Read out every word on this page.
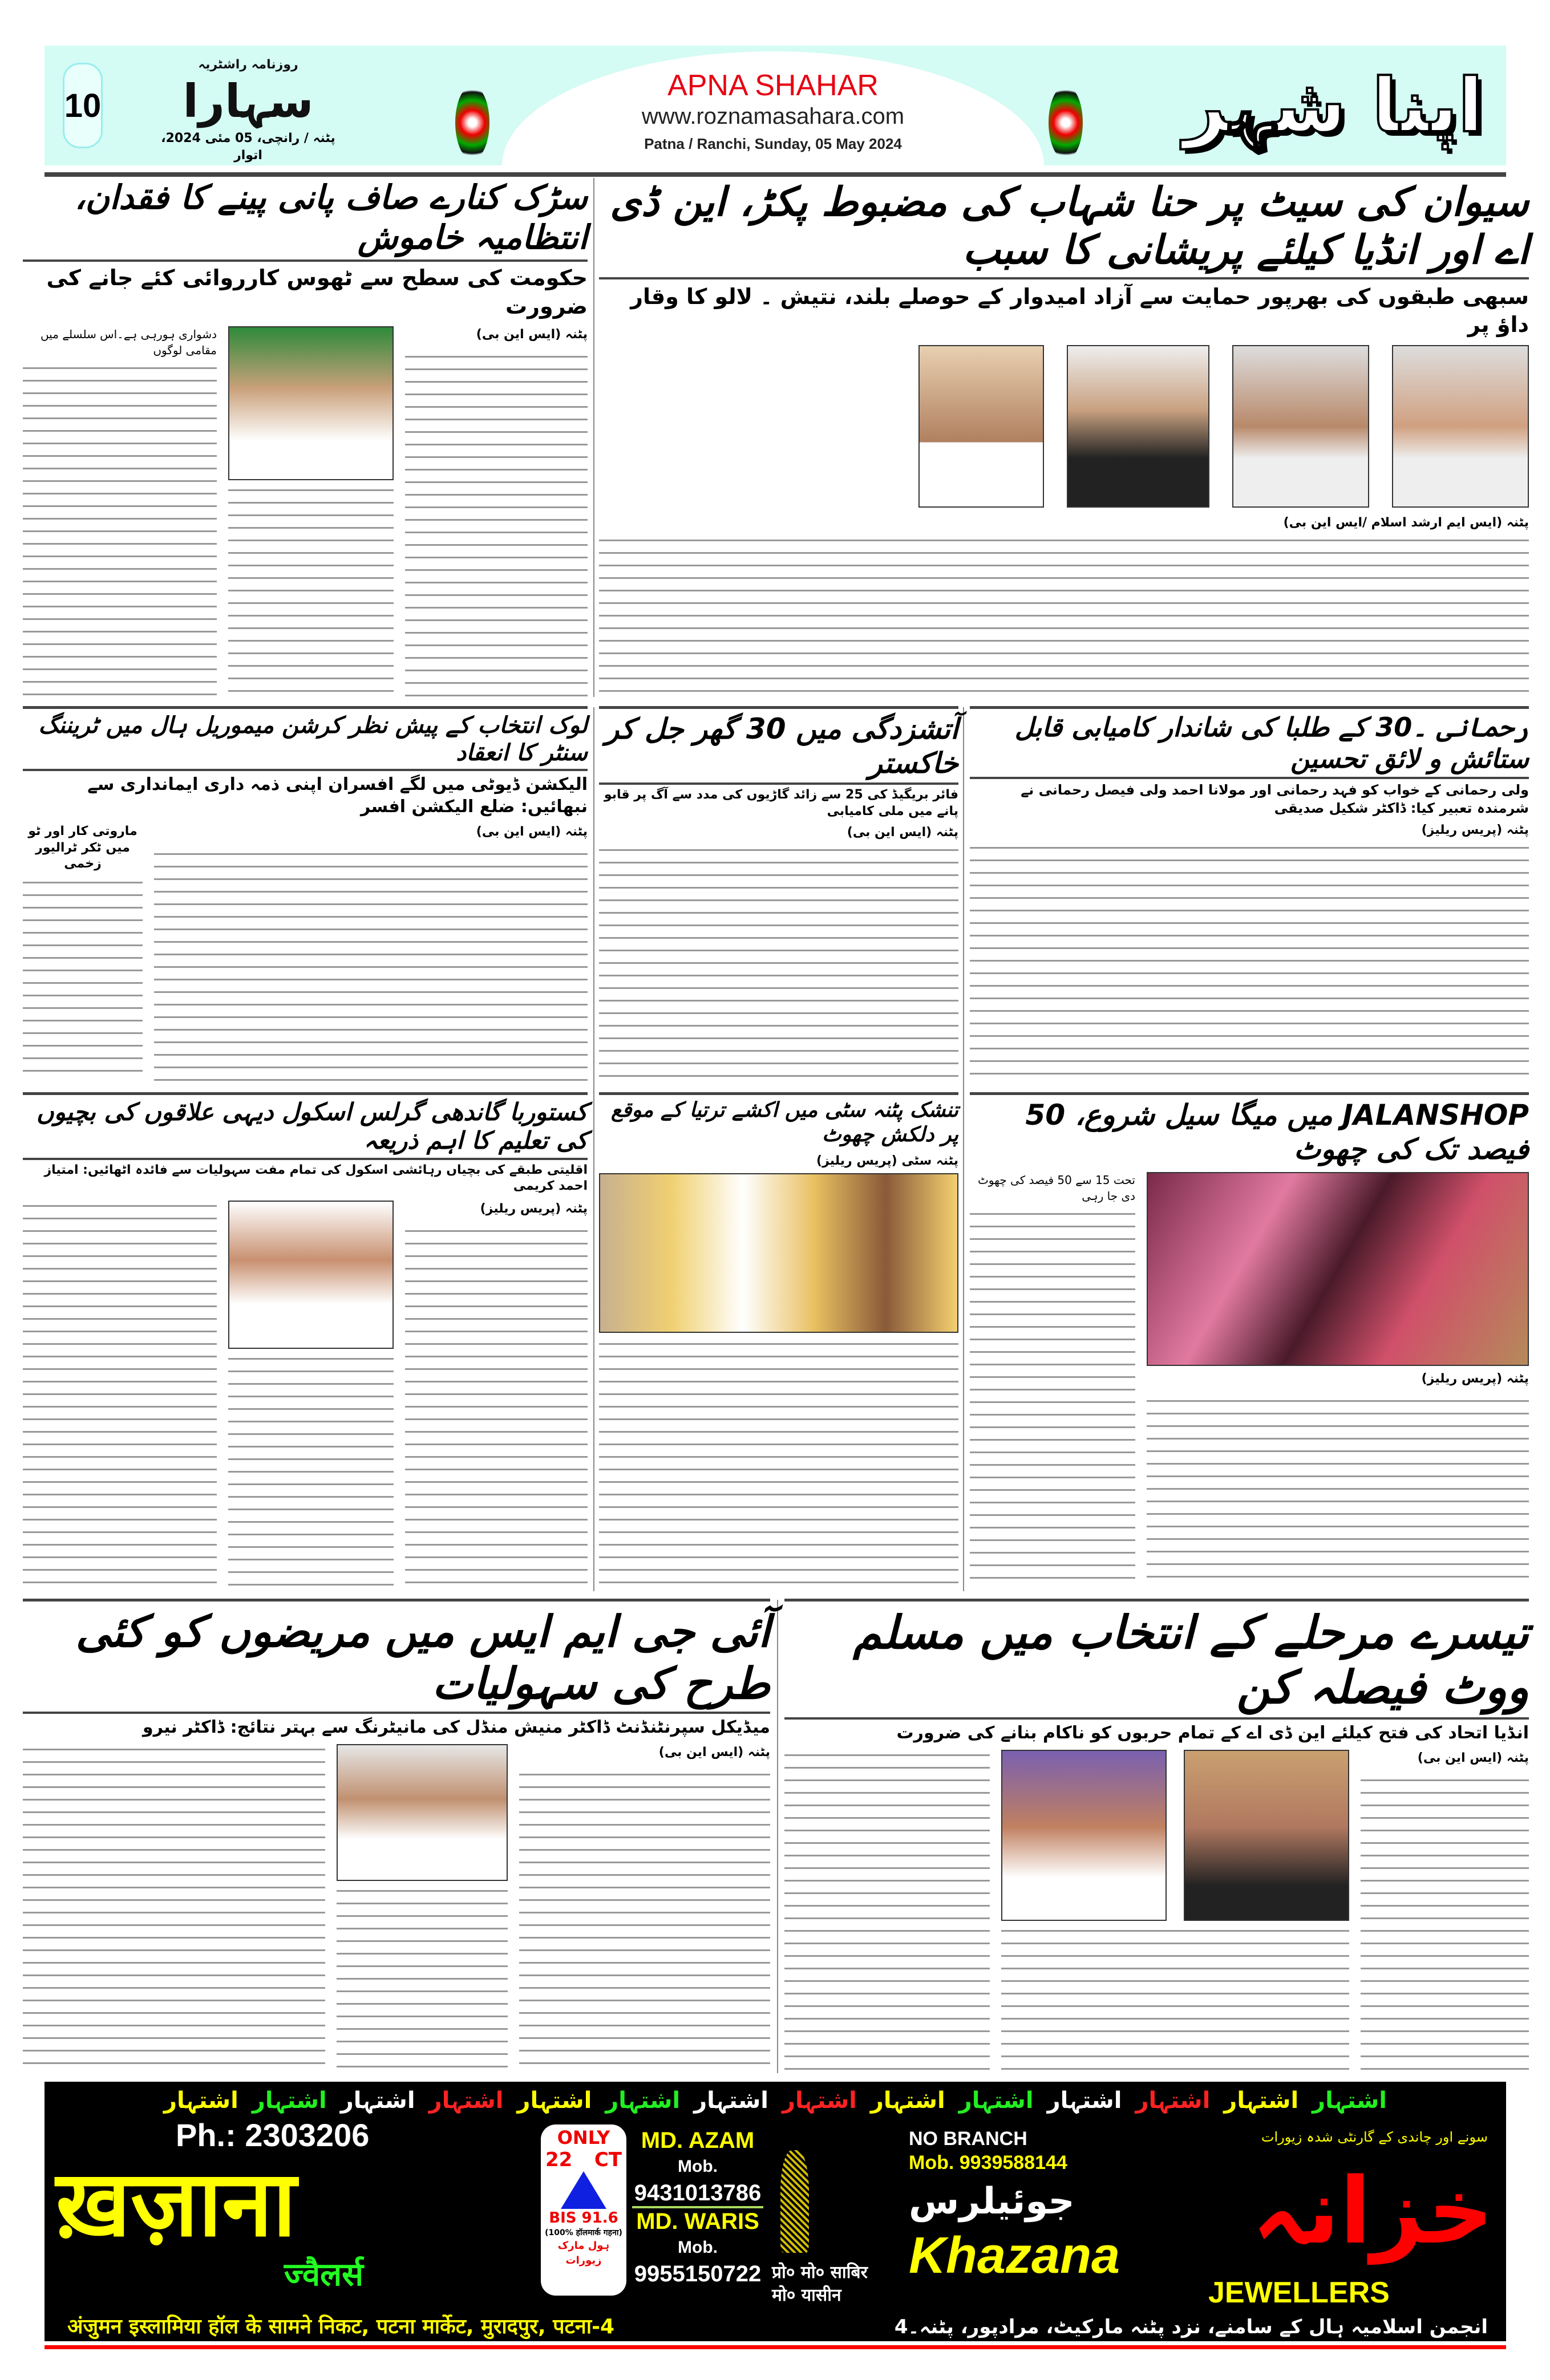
10
روزنامہ راشٹریہ
سہارا
پٹنہ / رانچی، 05 مئی 2024، اتوار
APNA SHAHAR
www.roznamasahara.com
Patna / Ranchi, Sunday, 05 May 2024	اپنا شہر
سیوان کی سیٹ پر حنا شہاب کی مضبوط پکڑ، این ڈی اے اور انڈیا کیلئے پریشانی کا سبب
سبھی طبقوں کی بھرپور حمایت سے آزاد امیدوار کے حوصلے بلند، نتیش ۔ لالو کا وقار داؤ پر
پٹنہ (ایس ایم ارشد اسلام /ایس این بی)
سڑک کنارے صاف پانی پینے کا فقدان، انتظامیہ خاموش
حکومت کی سطح سے ٹھوس کارروائی کئے جانے کی ضرورت
دشواری ہورہی ہے۔اس سلسلے میں مقامی لوگوں
پٹنہ (ایس این بی)
رحمانی ۔30 کے طلبا کی شاندار کامیابی قابل ستائش و لائق تحسین
ولی رحمانی کے خواب کو فہد رحمانی اور مولانا احمد ولی فیصل رحمانی نے شرمندہ تعبیر کیا: ڈاکٹر شکیل صدیقی
پٹنہ (پریس ریلیز)
آتشزدگی میں 30 گھر جل کر خاکستر
فائر بریگیڈ کی 25 سے زائد گاڑیوں کی مدد سے آگ پر قابو پانے میں ملی کامیابی
پٹنہ (ایس این بی)
لوک انتخاب کے پیش نظر کرشن میموریل ہال میں ٹریننگ سنٹر کا انعقاد
الیکشن ڈیوٹی میں لگے افسران اپنی ذمہ داری ایمانداری سے نبھائیں: ضلع الیکشن افسر
ماروتی کار اور ٹو میں ٹکر ٹرالیور زخمی
پٹنہ (ایس این بی)
JALANSHOP میں میگا سیل شروع، 50 فیصد تک کی چھوٹ
تحت 15 سے 50 فیصد کی چھوٹ دی جا رہی
پٹنہ (پریس ریلیز)
تنشک پٹنہ سٹی میں اکشے ترتیا کے موقع پر دلکش چھوٹ
پٹنہ سٹی (پریس ریلیز)
کستوربا گاندھی گرلس اسکول دیہی علاقوں کی بچیوں کی تعلیم کا اہم ذریعہ
اقلیتی طبقے کی بچیاں رہائشی اسکول کی تمام مفت سہولیات سے فائدہ اٹھائیں: امتیاز احمد کریمی
پٹنہ (پریس ریلیز)
تیسرے مرحلے کے انتخاب میں مسلم ووٹ فیصلہ کن
انڈیا اتحاد کی فتح کیلئے این ڈی اے کے تمام حربوں کو ناکام بنانے کی ضرورت
پٹنہ (ایس این بی)
آئی جی ایم ایس میں مریضوں کو کئی طرح کی سہولیات
میڈیکل سپرنٹنڈنٹ ڈاکٹر منیش منڈل کی مانیٹرنگ سے بہتر نتائج: ڈاکٹر نیرو
پٹنہ (ایس این بی)
اشتہار
اشتہار
اشتہار
اشتہار
اشتہار
اشتہار
اشتہار
اشتہار
اشتہار
اشتہار
اشتہار
اشتہار
اشتہار
اشتہار
Ph.: 2303206
ख़ज़ाना
ज्वैलर्स
ONLY
22 CT
BIS 91.6
(100% हॉलमार्क गहना)
ہول مارک زیورات
MD. AZAM
Mob.
9431013786
MD. WARIS
Mob.
9955150722 प्रो० मो० साबिर
मो० यासीन
NO BRANCH
Mob. 9939588144
سونے اور چاندی کے گارنٹی شدہ زیورات
جوئیلرس	خزانہ
Khazana
JEWELLERS
अंजुमन इस्लामिया हॉल के सामने निकट, पटना मार्केट, मुरादपुर, पटना-4	انجمن اسلامیہ ہال کے سامنے، نزد پٹنہ مارکیٹ، مرادپور، پٹنہ۔4
